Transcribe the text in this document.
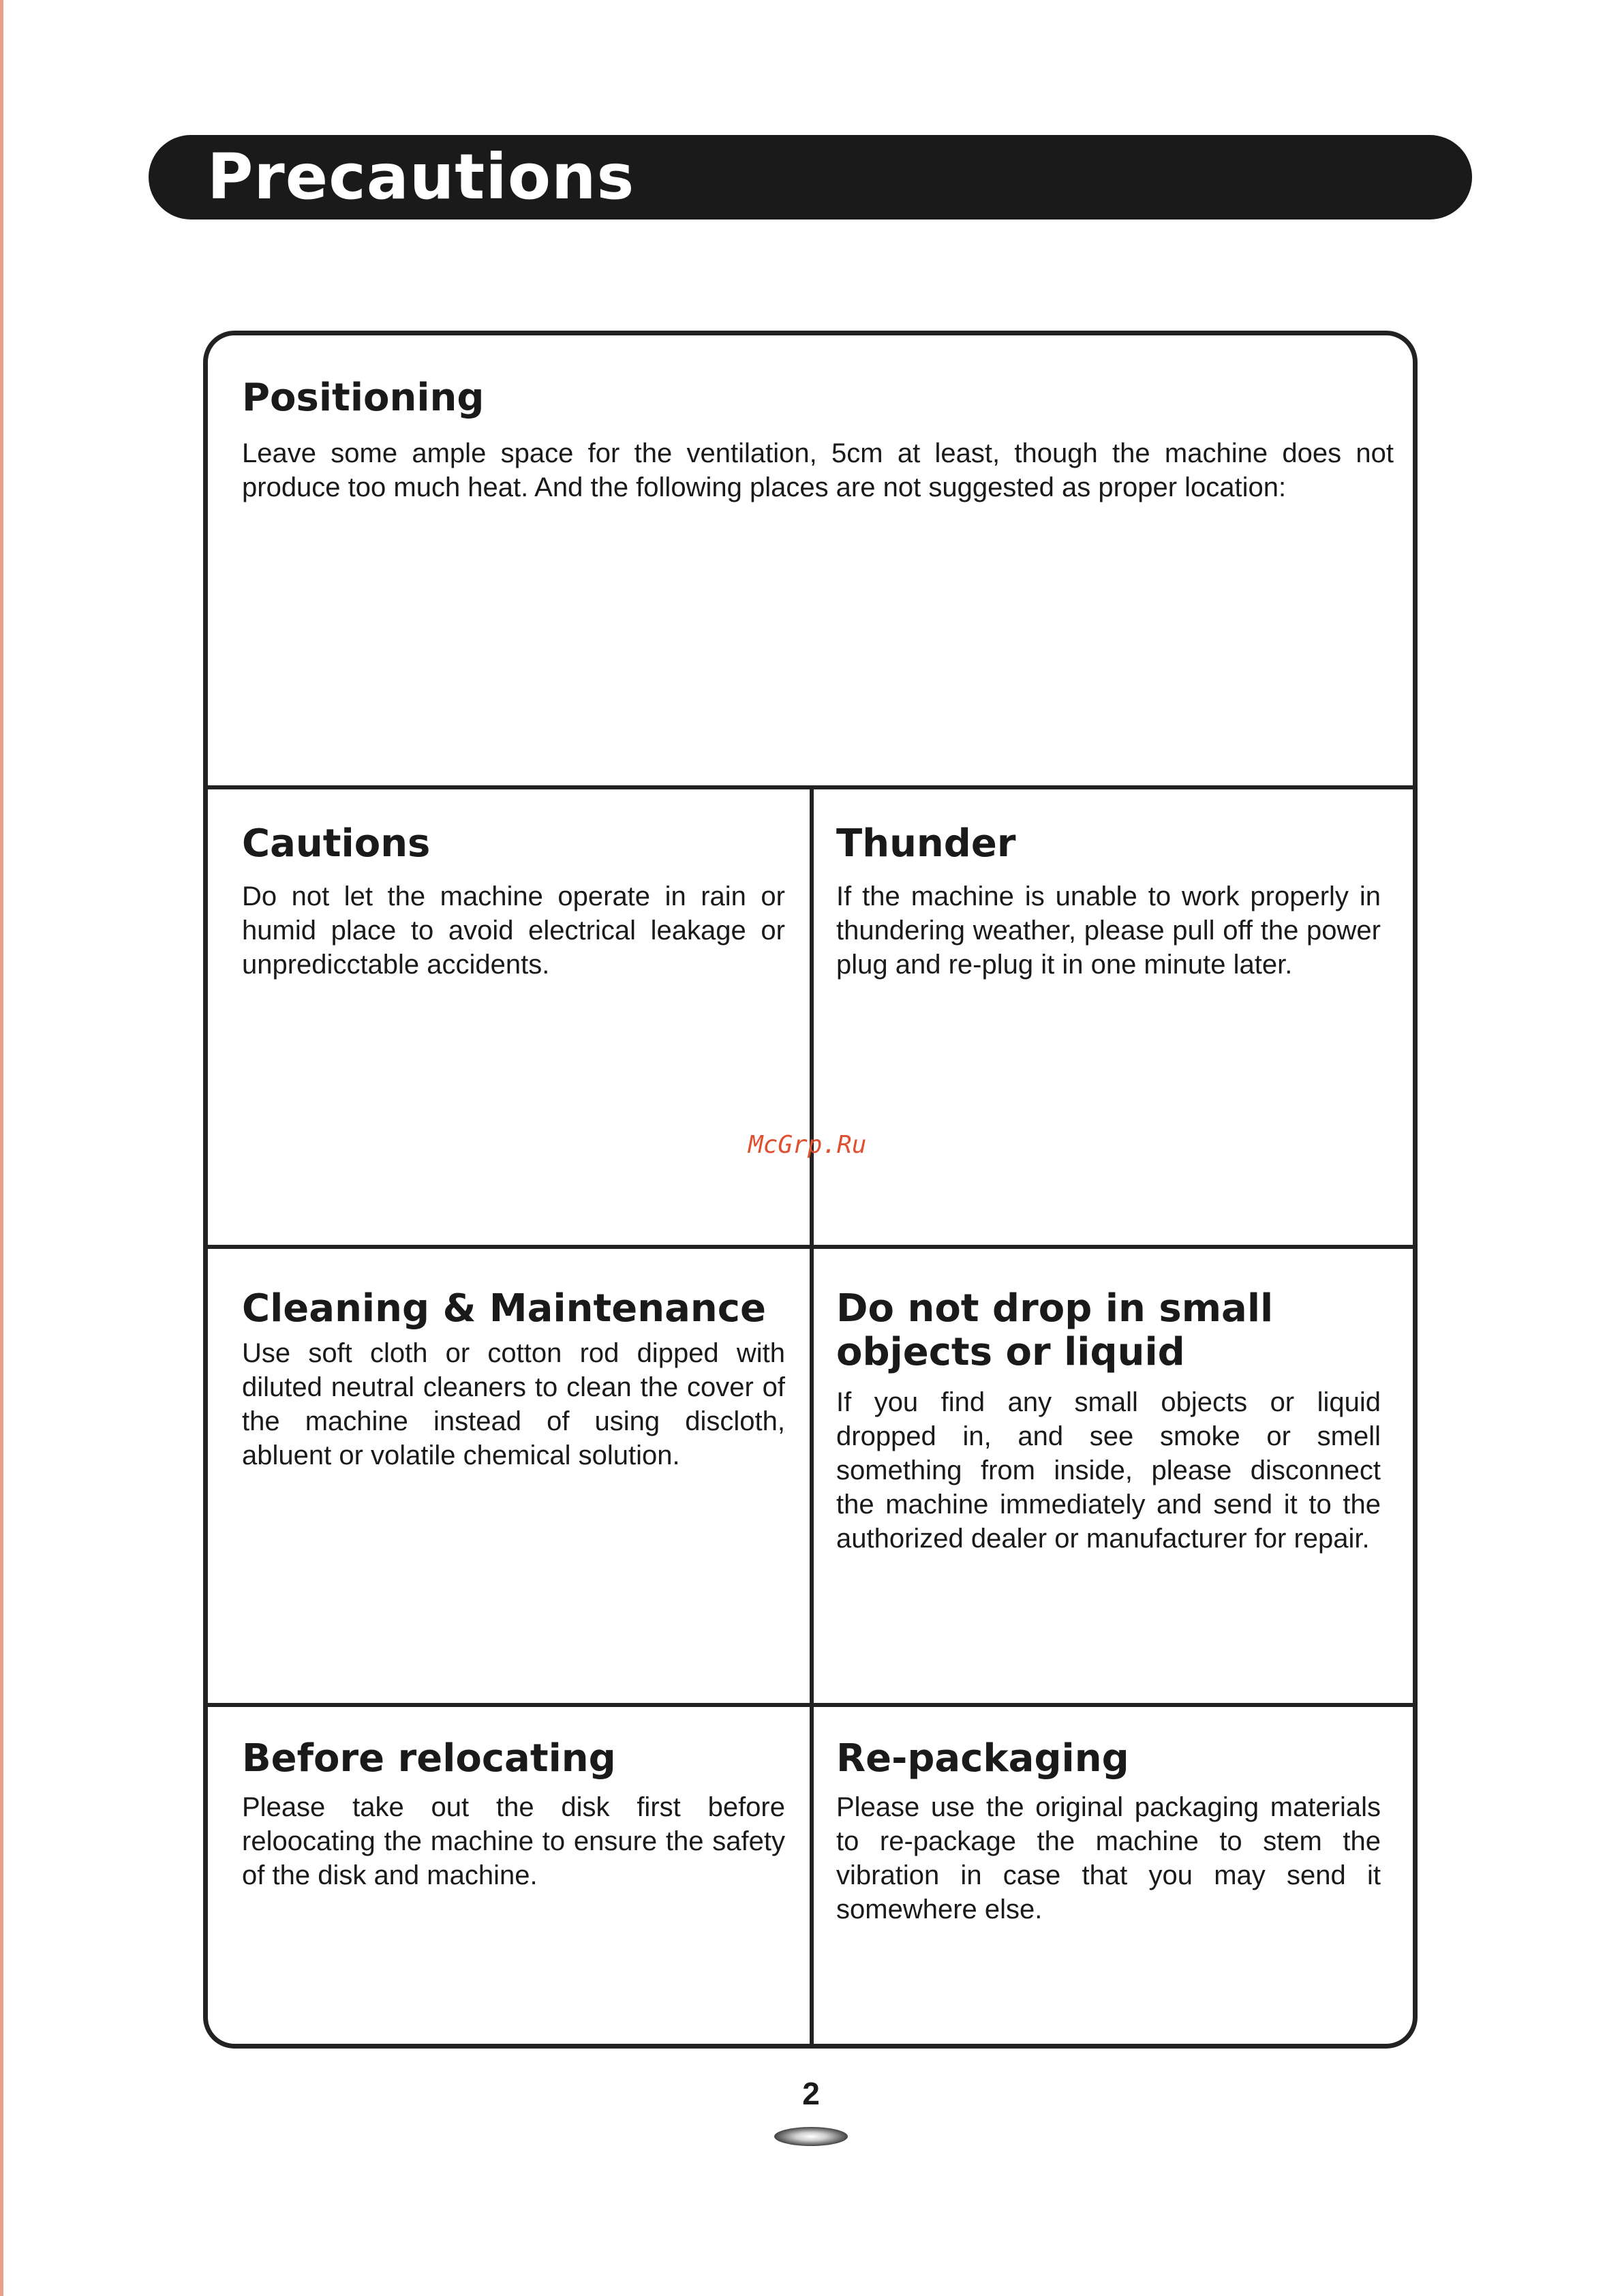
Precautions
Positioning

Leave some ample space for the ventilation, 5cm at least, though the machine does not produce too much heat. And the following places are not suggested as proper location:

Cautions

Do not let the machine operate in rain or humid place to avoid electrical leakage or unpredicctable accidents.

Thunder

If the machine is unable to work properly in thundering weather, please pull off the power plug and re-plug it in one minute later.

Cleaning & Maintenance

Use soft cloth or cotton rod dipped with diluted neutral cleaners to clean the cover of the machine instead of using discloth, abluent or volatile chemical solution.

Do not drop in small objects or liquid

If you find any small objects or liquid dropped in, and see smoke or smell something from inside, please disconnect the machine immediately and send it to the authorized dealer or manufacturer for repair.

Before relocating

Please take out the disk first before reloocating the machine to ensure the safety of the disk and machine.

Re-packaging

Please use the original packaging materials to re-package the machine to stem the vibration in case that you may send it somewhere else.

McGrp.Ru
2
